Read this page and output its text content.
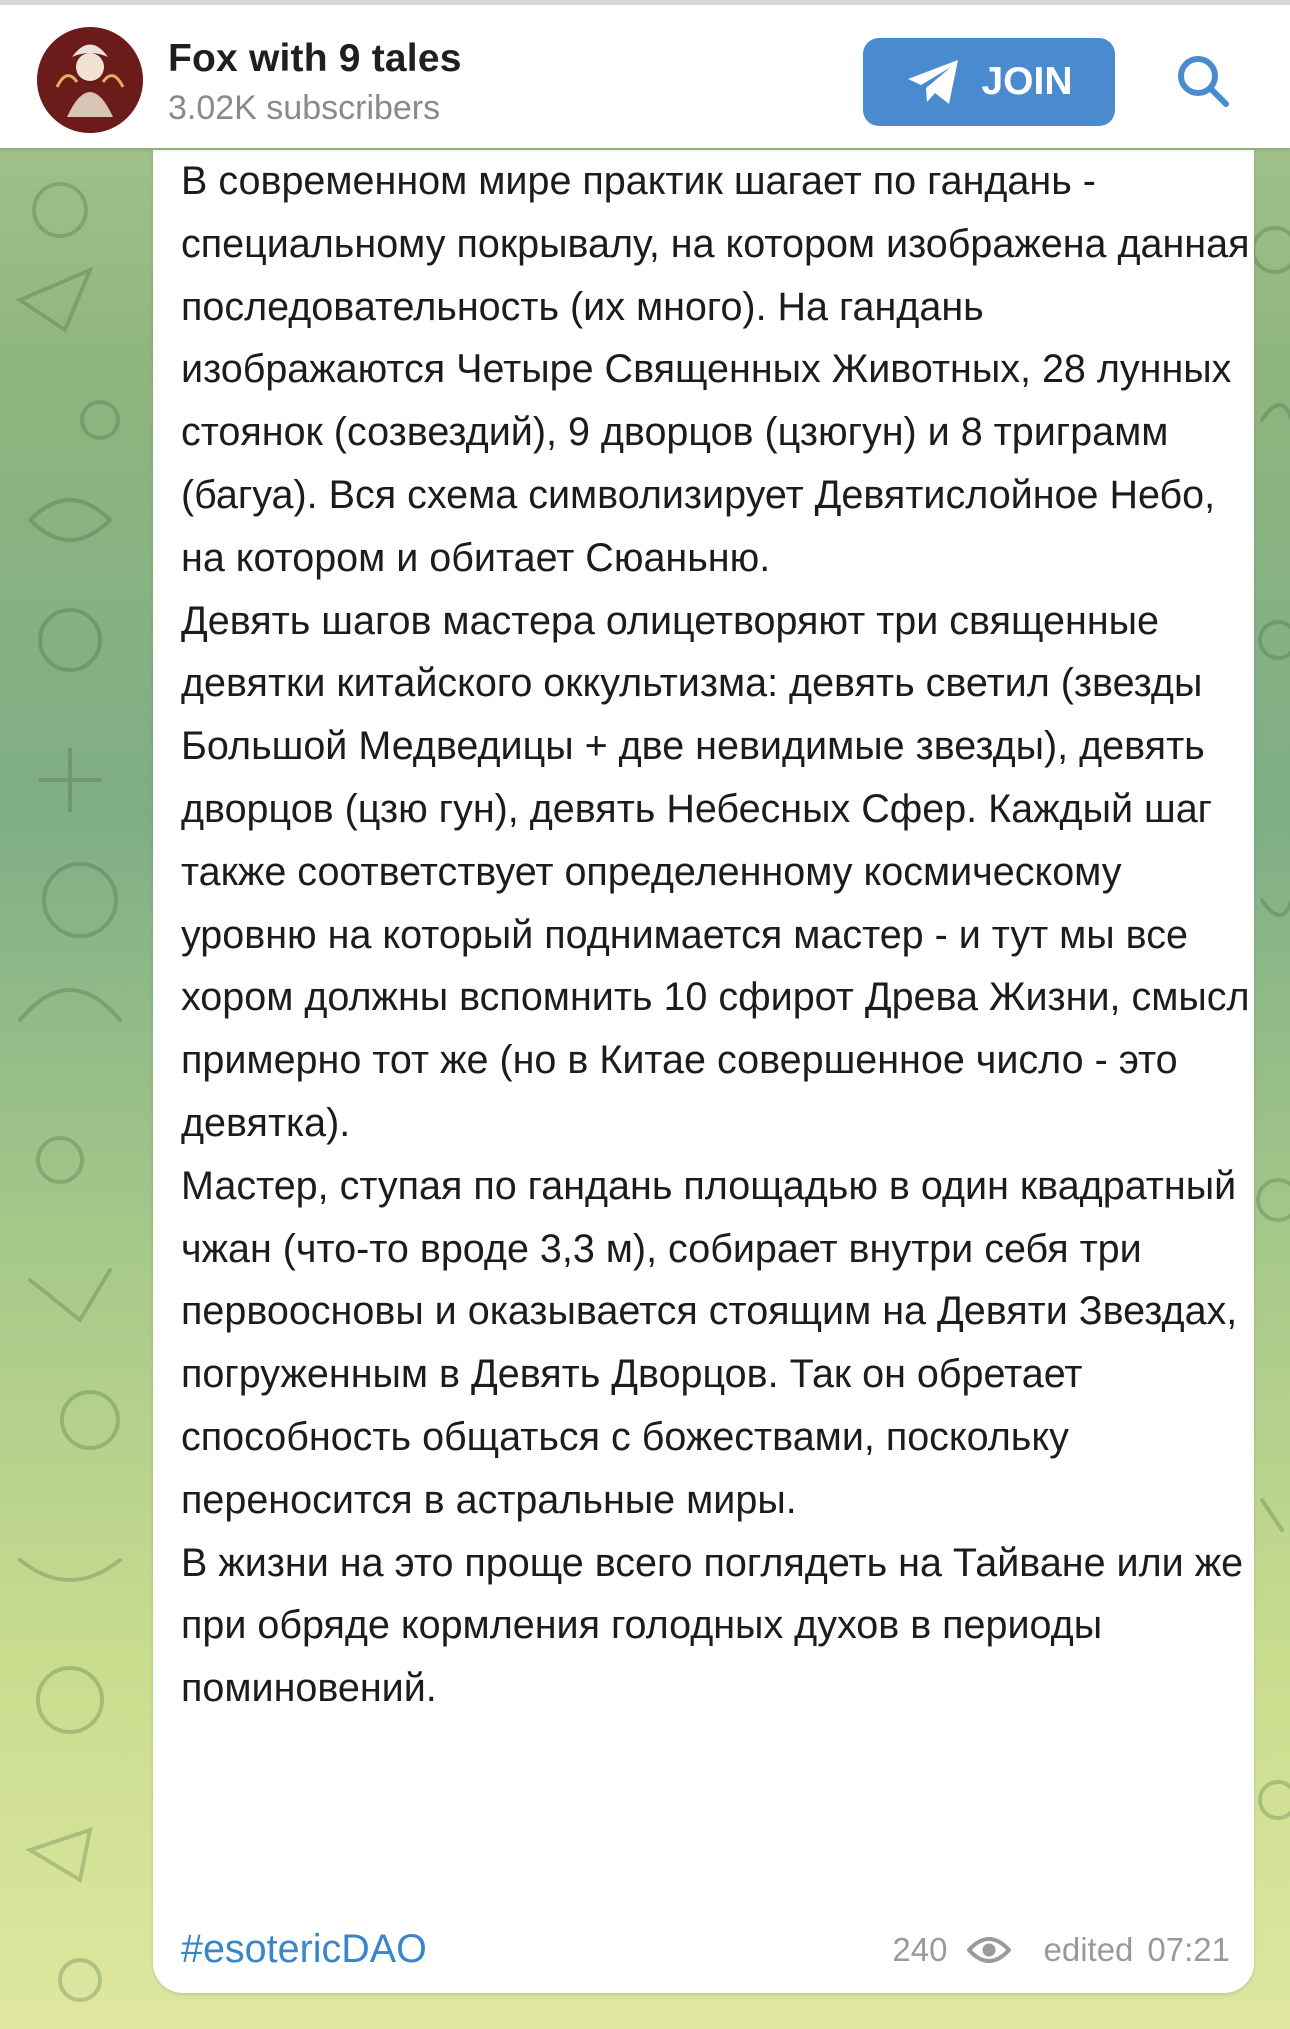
Fox with 9 tales
3.02K subscribers
JOIN

В современном мире практик шагает по гандань - специальному покрывалу, на котором изображена данная последовательность (их много). На гандань изображаются Четыре Священных Животных, 28 лунных стоянок (созвездий), 9 дворцов (цзюгун) и 8 триграмм (багуа). Вся схема символизирует Девятислойное Небо, на котором и обитает Сюаньню.

Девять шагов мастера олицетворяют три священные девятки китайского оккультизма: девять светил (звезды Большой Медведицы + две невидимые звезды), девять дворцов (цзю гун), девять Небесных Сфер. Каждый шаг также соответствует определенному космическому уровню на который поднимается мастер - и тут мы все хором должны вспомнить 10 сфирот Древа Жизни, смысл примерно тот же (но в Китае совершенное число - это девятка).

Мастер, ступая по гандань площадью в один квадратный чжан (что-то вроде 3,3 м), собирает внутри себя три первоосновы и оказывается стоящим на Девяти Звездах, погруженным в Девять Дворцов. Так он обретает способность общаться с божествами, поскольку переносится в астральные миры.

В жизни на это проще всего поглядеть на Тайване или же при обряде кормления голодных духов в периоды поминовений.

#esotericDAO	240	edited 07:21
